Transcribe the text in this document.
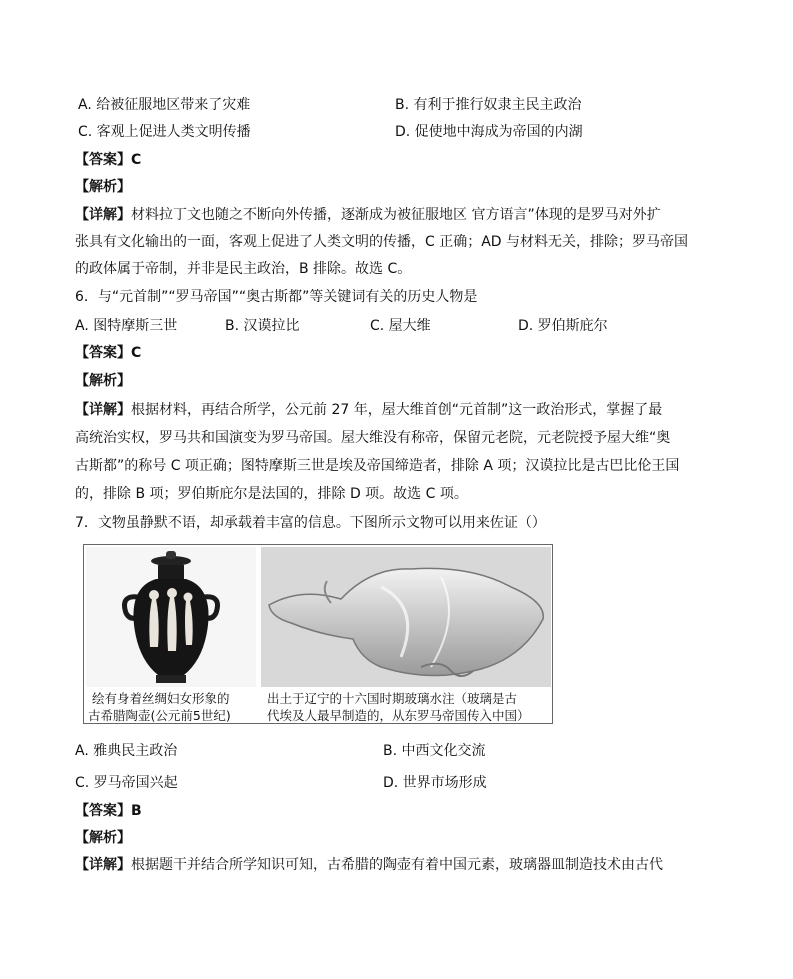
A. 给被征服地区带来了灾难	B. 有利于推行奴隶主民主政治
C. 客观上促进人类文明传播	D. 促使地中海成为帝国的内湖
【答案】C
【解析】
【详解】材料拉丁文也随之不断向外传播，逐渐成为被征服地区 官方语言”体现的是罗马对外扩
张具有文化输出的一面，客观上促进了人类文明的传播，C 正确；AD 与材料无关，排除；罗马帝国
的政体属于帝制，并非是民主政治，B 排除。故选 C。
6．与“元首制”“罗马帝国”“奥古斯都”等关键词有关的历史人物是
A. 图特摩斯三世	B. 汉谟拉比	C. 屋大维	D. 罗伯斯庇尔
【答案】C
【解析】
【详解】根据材料，再结合所学，公元前 27 年，屋大维首创“元首制”这一政治形式，掌握了最
高统治实权，罗马共和国演变为罗马帝国。屋大维没有称帝，保留元老院，元老院授予屋大维“奥
古斯都”的称号 C 项正确；图特摩斯三世是埃及帝国缔造者，排除 A 项；汉谟拉比是古巴比伦王国
的，排除 B 项；罗伯斯庇尔是法国的，排除 D 项。故选 C 项。
7．文物虽静默不语，却承载着丰富的信息。下图所示文物可以用来佐证（）
绘有身着丝绸妇女形象的
古希腊陶壶(公元前5世纪)
出土于辽宁的十六国时期玻璃水注（玻璃是古
代埃及人最早制造的，从东罗马帝国传入中国）
A. 雅典民主政治	B. 中西文化交流
C. 罗马帝国兴起	D. 世界市场形成
【答案】B
【解析】
【详解】根据题干并结合所学知识可知，古希腊的陶壶有着中国元素，玻璃器皿制造技术由古代
